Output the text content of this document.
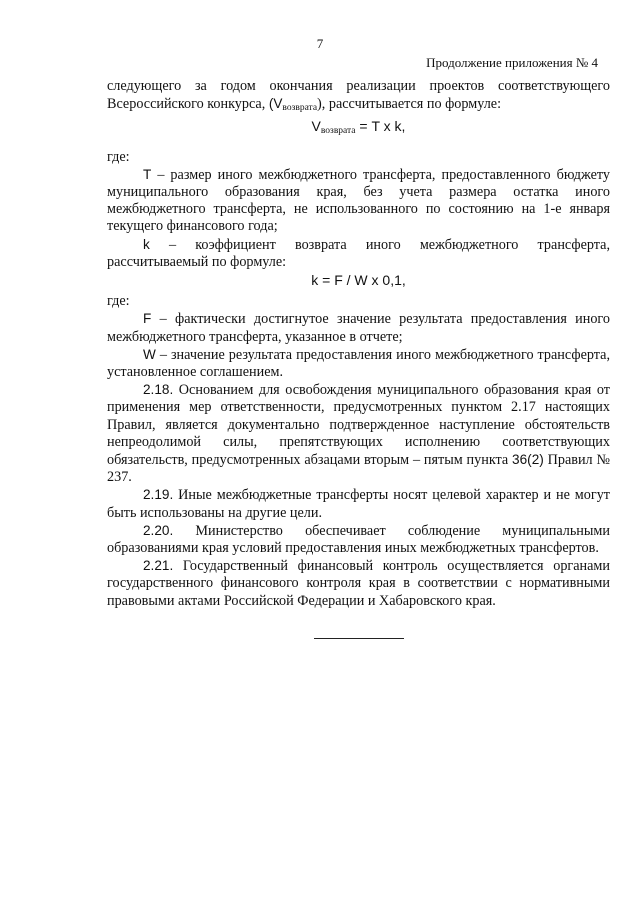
7
Продолжение приложения № 4

следующего за годом окончания реализации проектов соответствующего Всероссийского конкурса, $(V_{возврата})$, рассчитывается по формуле:

$V_{возврата} = T$ x k,

где:

T – размер иного межбюджетного трансферта, предоставленного бюджету муниципального образования края, без учета размера остатка иного межбюджетного трансферта, не использованного по состоянию на 1-е января текущего финансового года;

k – коэффициент возврата иного межбюджетного трансферта, рассчитываемый по формуле:

k = F / W x 0,1,

где:

F – фактически достигнутое значение результата предоставления иного межбюджетного трансферта, указанное в отчете;

W – значение результата предоставления иного межбюджетного трансферта, установленное соглашением.

2.18. Основанием для освобождения муниципального образования края от применения мер ответственности, предусмотренных пунктом 2.17 настоящих Правил, является документально подтвержденное наступление обстоятельств непреодолимой силы, препятствующих исполнению соответствующих обязательств, предусмотренных абзацами вторым – пятым пункта 36(2) Правил № 237.

2.19. Иные межбюджетные трансферты носят целевой характер и не могут быть использованы на другие цели.

2.20. Министерство обеспечивает соблюдение муниципальными образованиями края условий предоставления иных межбюджетных трансфертов.

2.21. Государственный финансовый контроль осуществляется органами государственного финансового контроля края в соответствии с нормативными правовыми актами Российской Федерации и Хабаровского края.
